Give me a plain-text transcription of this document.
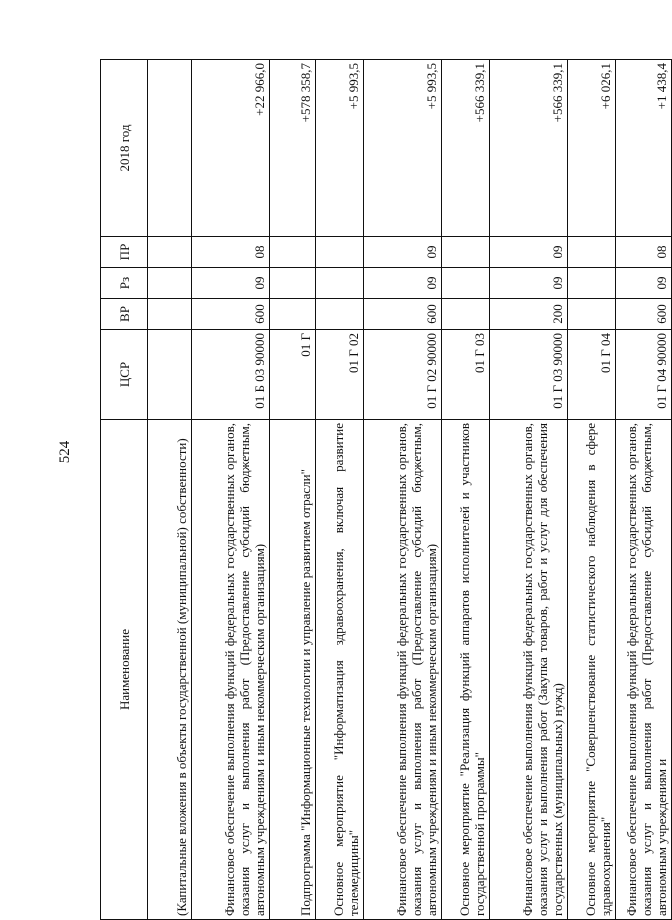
524
Наименование	ЦСР	ВР	Рз	ПР	2018 год
(Капитальные вложения в объекты государственной (муниципальной) собственности)					
Финансовое обеспечение выполнения функций федеральных государственных органов, оказания услуг и выполнения работ (Предоставление субсидий бюджетным, автономным учреждениям и иным некоммерческим организациям)	01 Б 03 90000	600	09	08	+22 966,0
Подпрограмма "Информационные технологии и управление развитием отрасли"	01 Г				+578 358,7
Основное мероприятие "Информатизация здравоохранения, включая развитие телемедицины"	01 Г 02				+5 993,5
Финансовое обеспечение выполнения функций федеральных государственных органов, оказания услуг и выполнения работ (Предоставление субсидий бюджетным, автономным учреждениям и иным некоммерческим организациям)	01 Г 02 90000	600	09	09	+5 993,5
Основное мероприятие "Реализация функций аппаратов исполнителей и участников государственной программы"	01 Г 03				+566 339,1
Финансовое обеспечение выполнения функций федеральных государственных органов, оказания услуг и выполнения работ (Закупка товаров, работ и услуг для обеспечения государственных (муниципальных) нужд)	01 Г 03 90000	200	09	09	+566 339,1
Основное мероприятие "Совершенствование статистического наблюдения в сфере здравоохранения"	01 Г 04				+6 026,1
Финансовое обеспечение выполнения функций федеральных государственных органов, оказания услуг и выполнения работ (Предоставление субсидий бюджетным, автономным учреждениям и	01 Г 04 90000	600	09	08	+1 438,4
